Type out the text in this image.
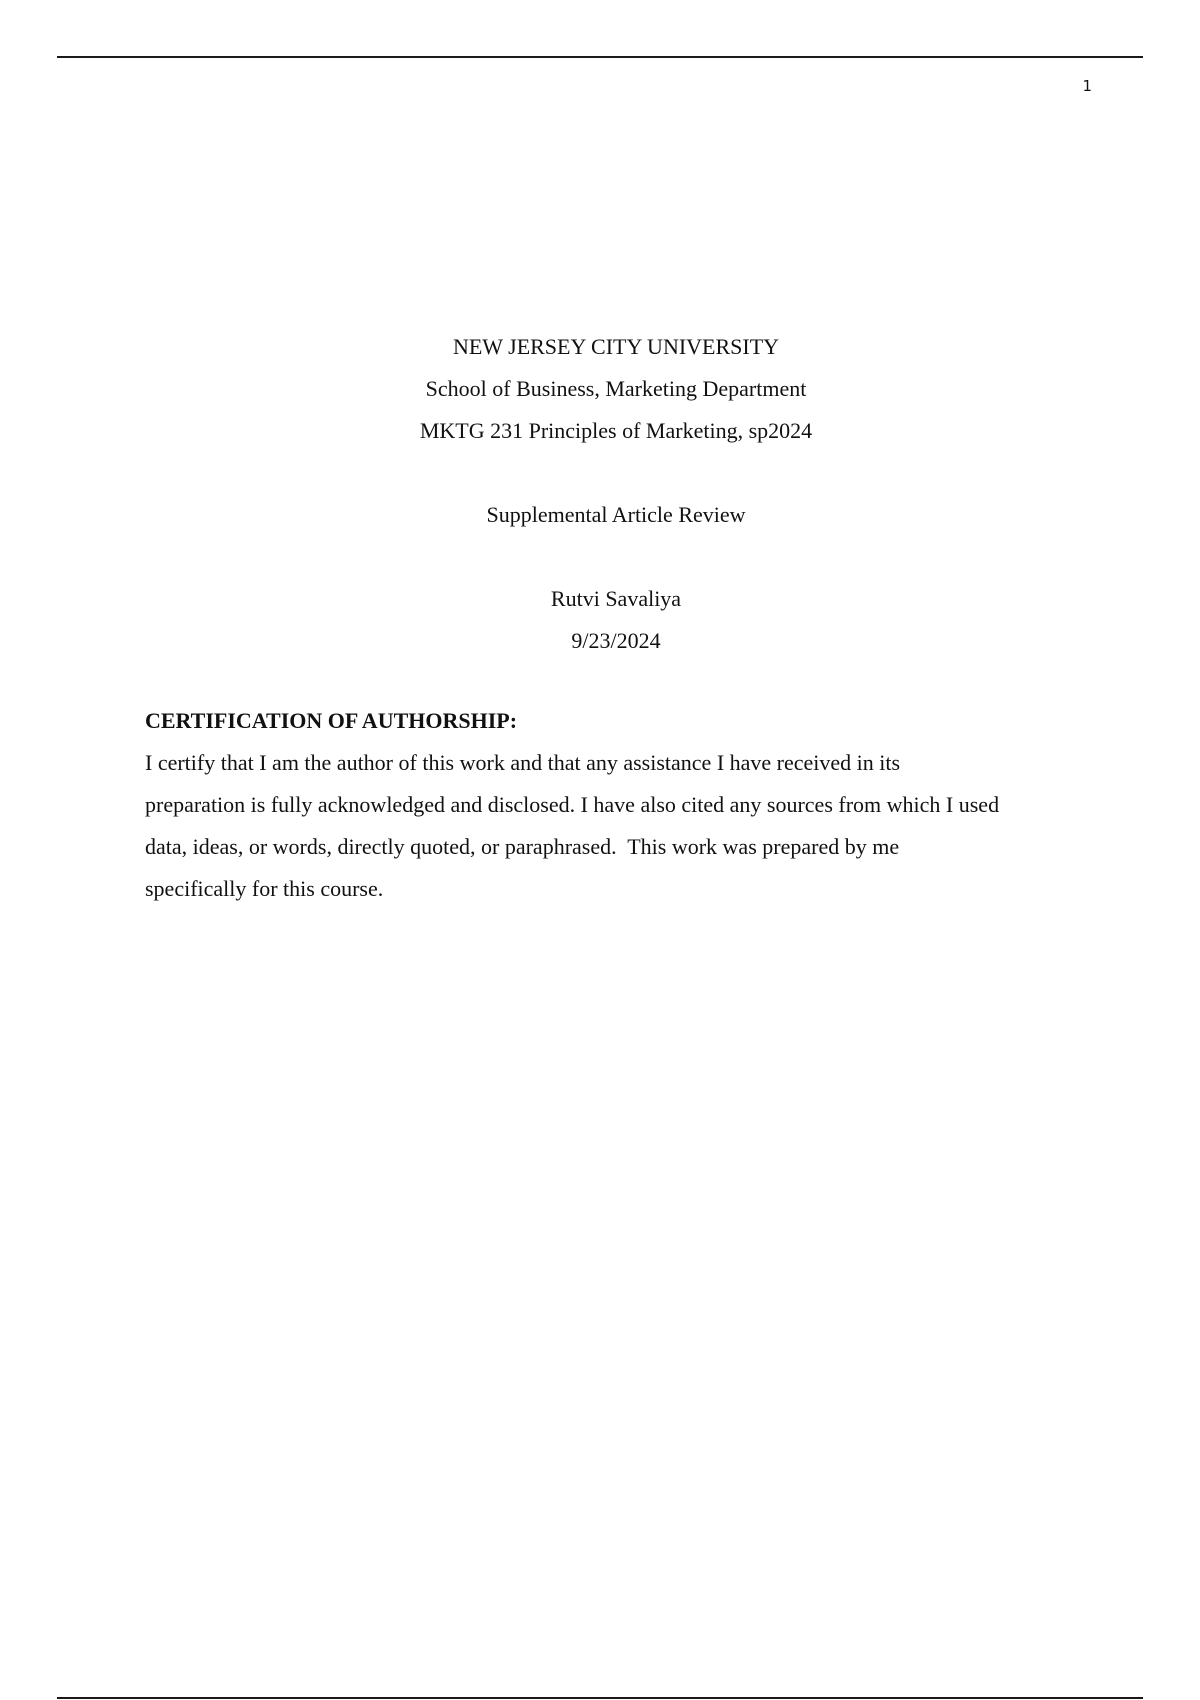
1
NEW JERSEY CITY UNIVERSITY
School of Business, Marketing Department
MKTG 231 Principles of Marketing, sp2024
Supplemental Article Review
Rutvi Savaliya
9/23/2024
CERTIFICATION OF AUTHORSHIP:
I certify that I am the author of this work and that any assistance I have received in its
preparation is fully acknowledged and disclosed. I have also cited any sources from which I used
data, ideas, or words, directly quoted, or paraphrased.  This work was prepared by me
specifically for this course.
